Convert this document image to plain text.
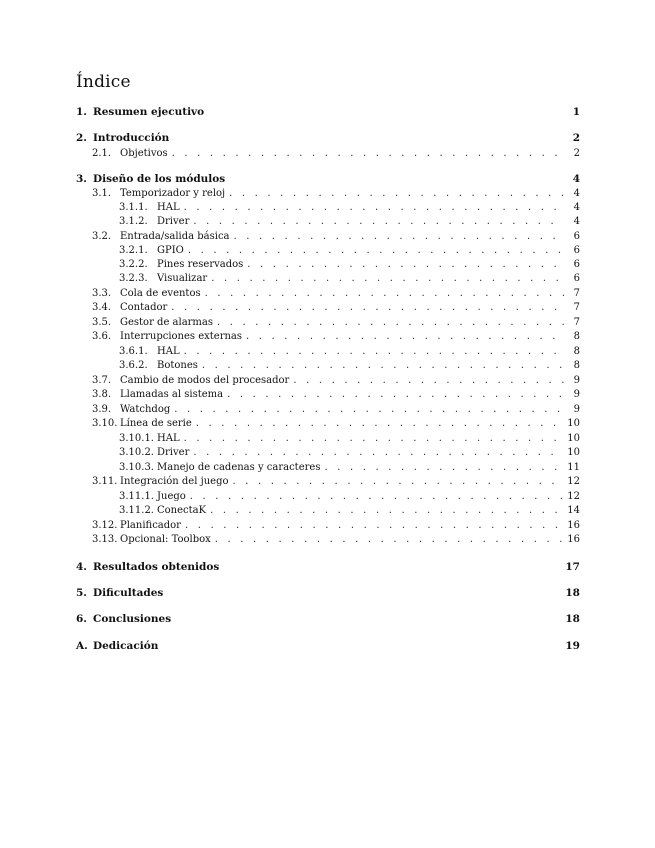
Índice
1. Resumen ejecutivo	1
2. Introducción	2
2.1. Objetivos . . .	2
3. Diseño de los módulos	4
3.1. Temporizador y reloj . . .	4
3.1.1. HAL . . .	4
3.1.2. Driver . . .	4
3.2. Entrada/salida básica . . .	6
3.2.1. GPIO . . .	6
3.2.2. Pines reservados . . .	6
3.2.3. Visualizar . . .	6
3.3. Cola de eventos . . .	7
3.4. Contador . . .	7
3.5. Gestor de alarmas . . .	7
3.6. Interrupciones externas . . .	8
3.6.1. HAL . . .	8
3.6.2. Botones . . .	8
3.7. Cambio de modos del procesador . . .	9
3.8. Llamadas al sistema . . .	9
3.9. Watchdog . . .	9
3.10. Línea de serie . . .	10
3.10.1. HAL . . .	10
3.10.2. Driver . . .	10
3.10.3. Manejo de cadenas y caracteres . . .	11
3.11. Integración del juego . . .	12
3.11.1. Juego . . .	12
3.11.2. ConectaK . . .	14
3.12. Planificador . . .	16
3.13. Opcional: Toolbox . . .	16
4. Resultados obtenidos	17
5. Dificultades	18
6. Conclusiones	18
A. Dedicación	19
